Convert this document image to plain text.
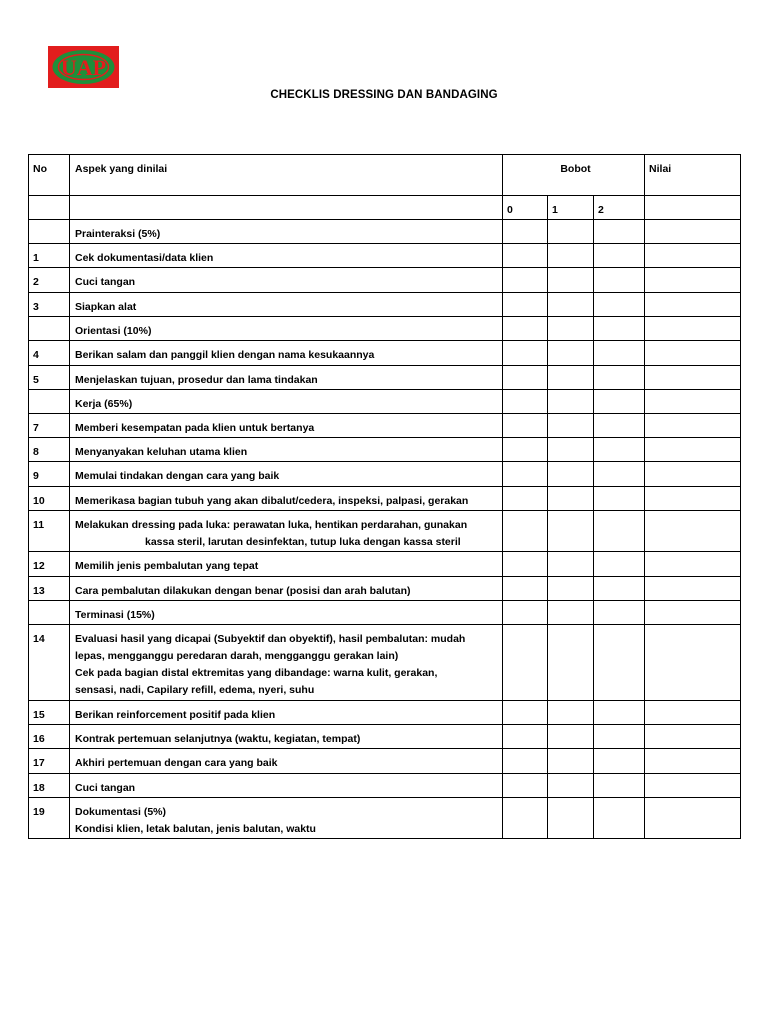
UAP
CHECKLIS DRESSING DAN BANDAGING
No	Aspek yang dinilai	Bobot			Nilai
		0	1	2	

	Prainteraksi (5%)				

1	Cek dokumentasi/data klien				

2	Cuci tangan				

3	Siapkan alat				

	Orientasi (10%)				

4	Berikan salam dan panggil klien dengan nama kesukaannya				

5	Menjelaskan tujuan, prosedur dan lama tindakan				

	Kerja (65%)				

7	Memberi kesempatan pada klien untuk bertanya				

8	Menyanyakan keluhan utama klien				

9	Memulai tindakan dengan cara yang baik				

10	Memerikasa bagian tubuh yang akan dibalut/cedera, inspeksi, palpasi, gerakan				

11	Melakukan dressing pada luka: perawatan luka, hentikan perdarahan, gunakan
kassa steril, larutan desinfektan, tutup luka dengan kassa steril				

12	Memilih jenis pembalutan yang tepat				

13	Cara pembalutan dilakukan dengan benar (posisi dan arah balutan)				

	Terminasi (15%)				

14	Evaluasi hasil yang dicapai (Subyektif dan obyektif), hasil pembalutan: mudah
lepas, mengganggu peredaran darah, mengganggu gerakan lain)
Cek pada bagian distal ektremitas yang dibandage: warna kulit, gerakan,
sensasi, nadi, Capilary refill, edema, nyeri, suhu				

15	Berikan reinforcement positif pada klien				

16	Kontrak pertemuan selanjutnya (waktu, kegiatan, tempat)				

17	Akhiri pertemuan dengan cara yang baik				

18	Cuci tangan				

19	Dokumentasi (5%)
Kondisi klien, letak balutan, jenis balutan, waktu				
